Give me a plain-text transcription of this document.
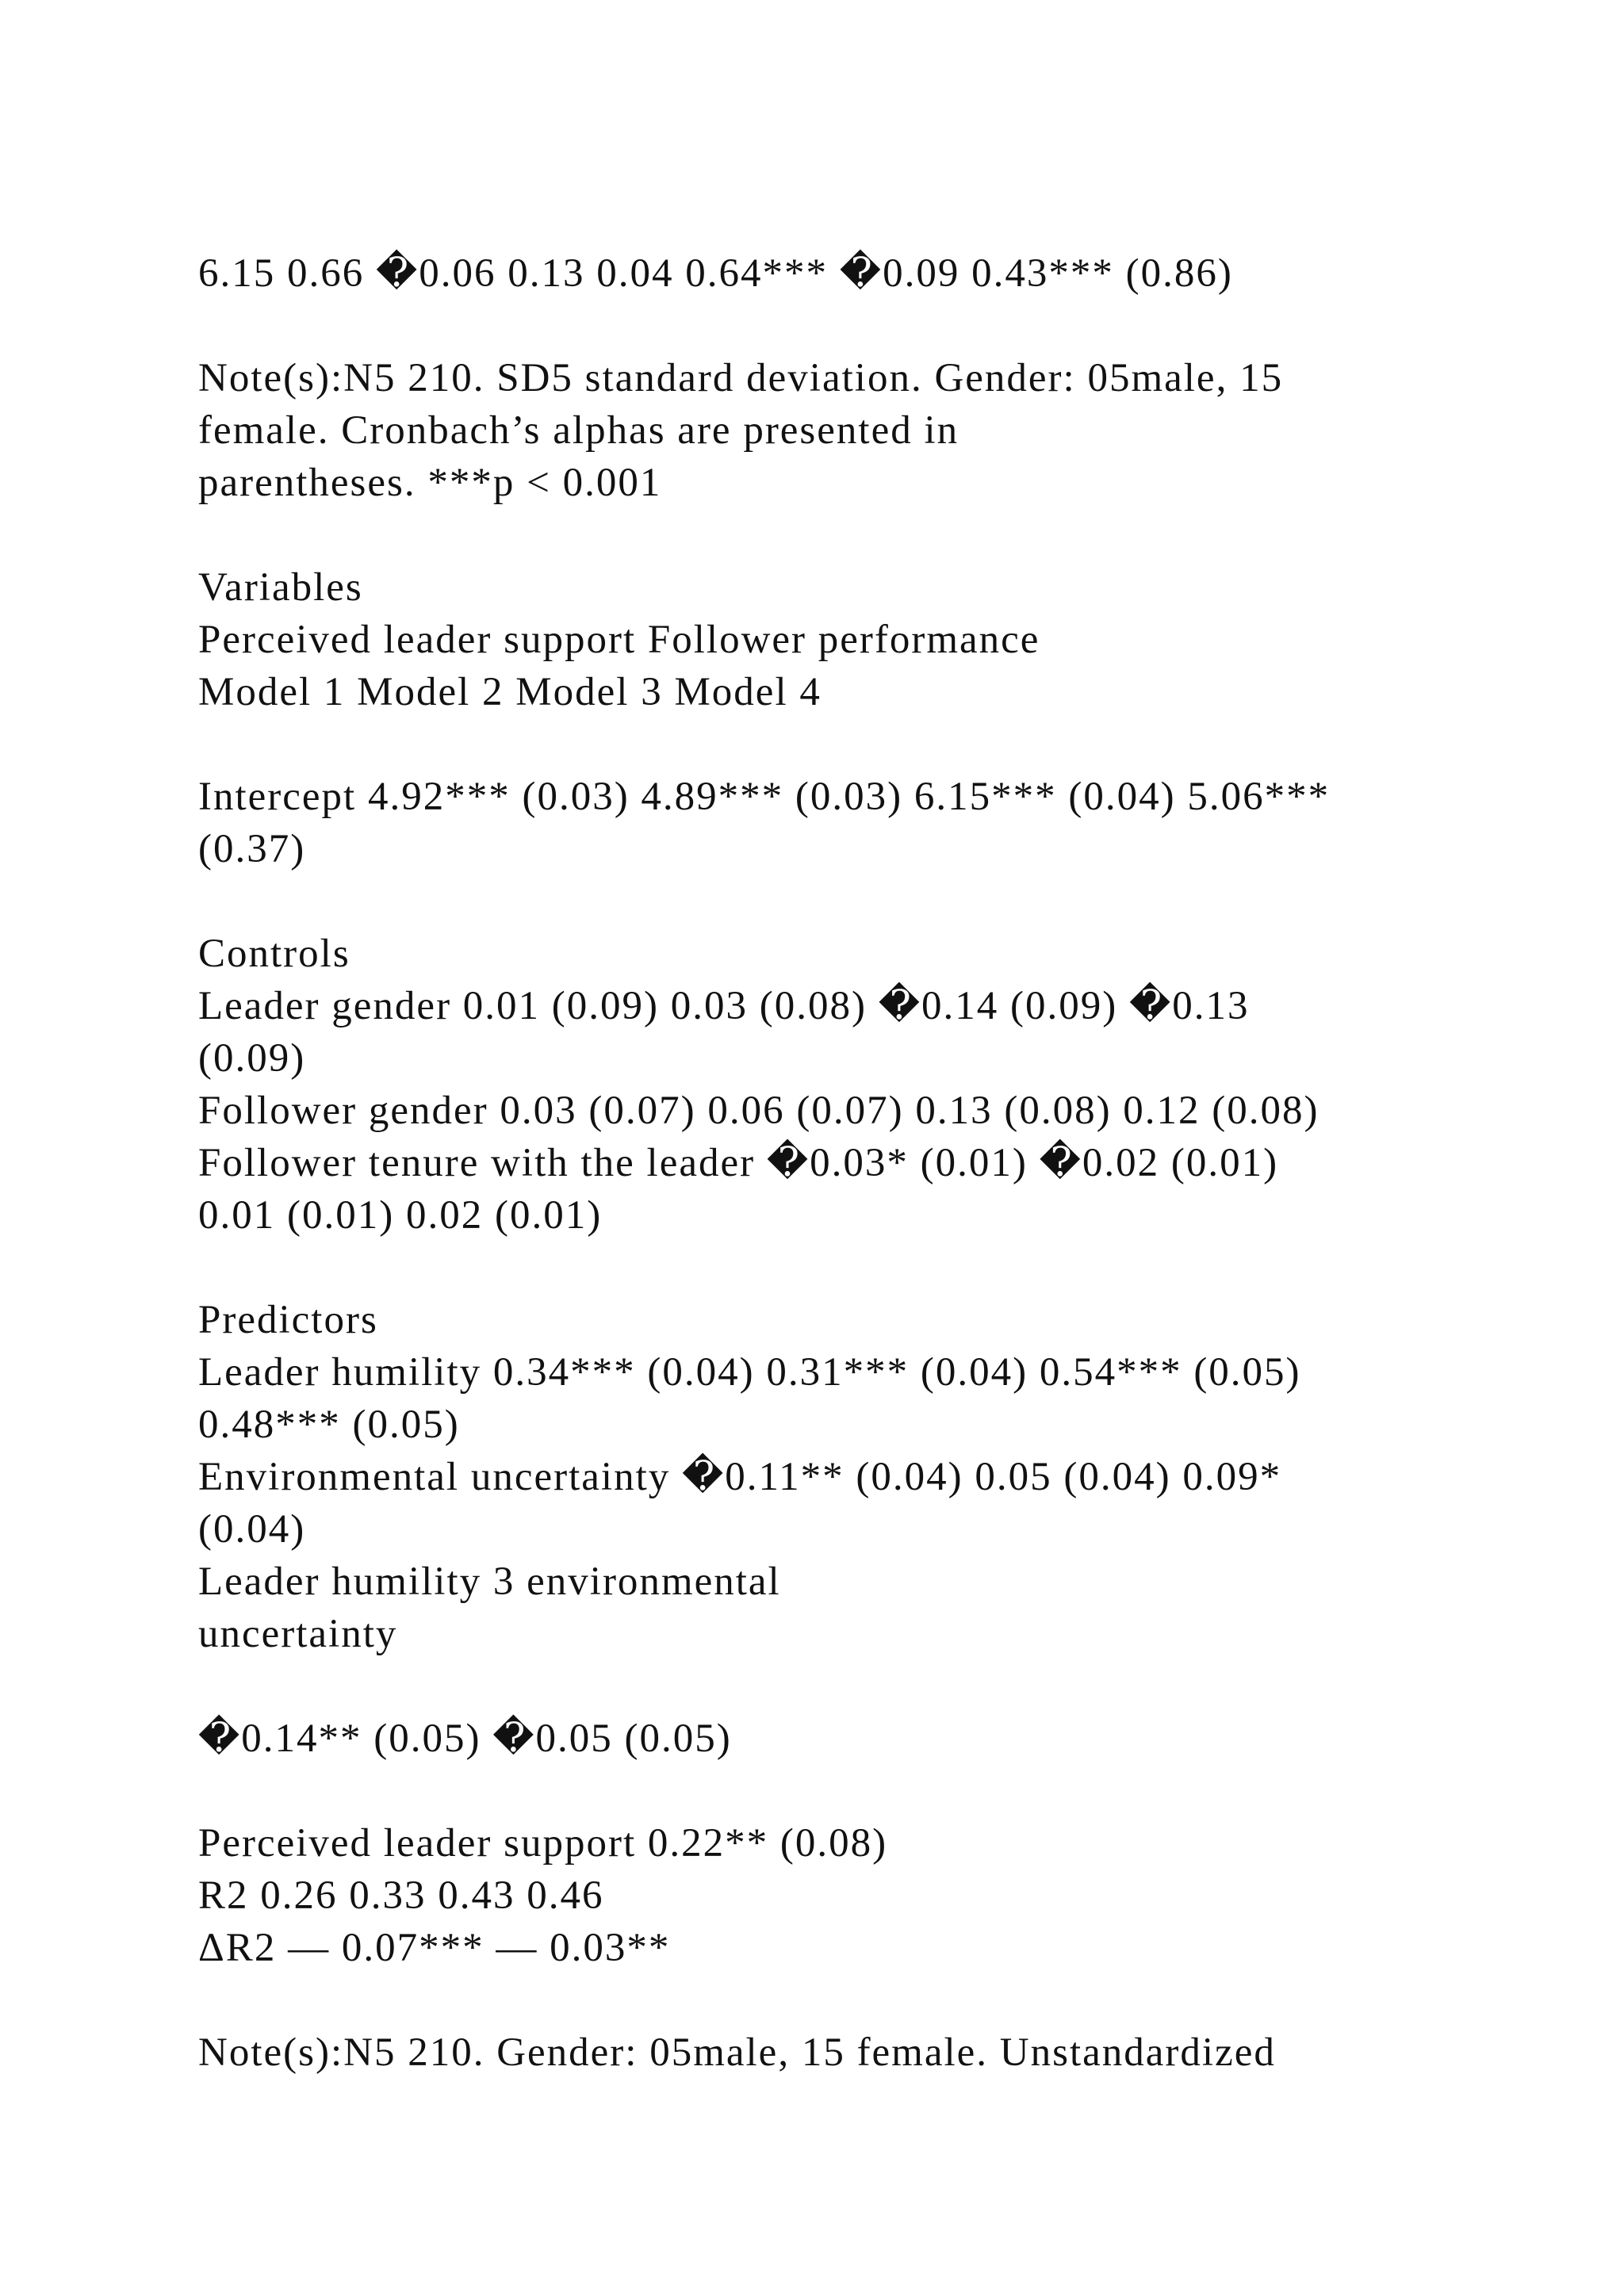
6.15 0.66 �0.06 0.13 0.04 0.64*** �0.09 0.43*** (0.86)
Note(s):N5 210. SD5 standard deviation. Gender: 05male, 15
female. Cronbach’s alphas are presented in
parentheses. ***p < 0.001
Variables
Perceived leader support Follower performance
Model 1 Model 2 Model 3 Model 4
Intercept 4.92*** (0.03) 4.89*** (0.03) 6.15*** (0.04) 5.06***
(0.37)
Controls
Leader gender 0.01 (0.09) 0.03 (0.08) �0.14 (0.09) �0.13
(0.09)
Follower gender 0.03 (0.07) 0.06 (0.07) 0.13 (0.08) 0.12 (0.08)
Follower tenure with the leader �0.03* (0.01) �0.02 (0.01)
0.01 (0.01) 0.02 (0.01)
Predictors
Leader humility 0.34*** (0.04) 0.31*** (0.04) 0.54*** (0.05)
0.48*** (0.05)
Environmental uncertainty �0.11** (0.04) 0.05 (0.04) 0.09*
(0.04)
Leader humility 3 environmental
uncertainty
�0.14** (0.05) �0.05 (0.05)
Perceived leader support 0.22** (0.08)
R2 0.26 0.33 0.43 0.46
ΔR2 — 0.07*** — 0.03**
Note(s):N5 210. Gender: 05male, 15 female. Unstandardized
